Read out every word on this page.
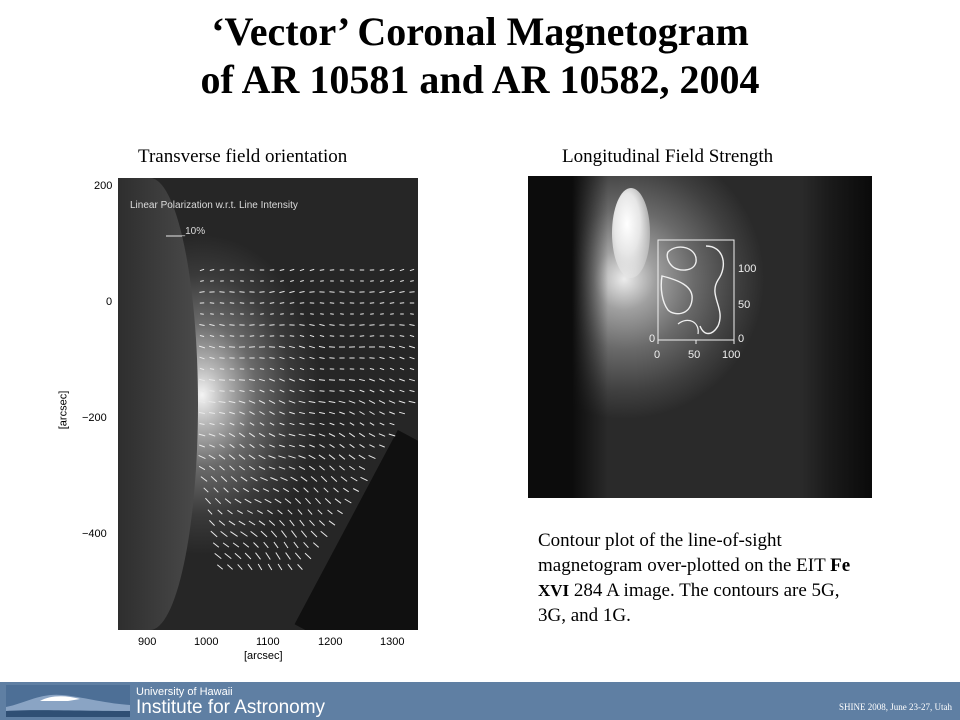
‘Vector’ Coronal Magnetogram
of AR 10581 and AR 10582, 2004
Transverse field orientation	Longitudinal Field Strength
Linear Polarization w.r.t. Line Intensity
__10%
200
0
−200
−400
[arcsec]
900	1000	1100	1200	1300
[arcsec]
100
50
0
0
0	50 100
Contour plot of the line-of-sight magnetogram over-plotted on the EIT Fe XVI 284 A image. The contours are 5G, 3G, and 1G.
University of Hawaii
Institute for Astronomy	SHINE 2008, June 23-27, Utah
